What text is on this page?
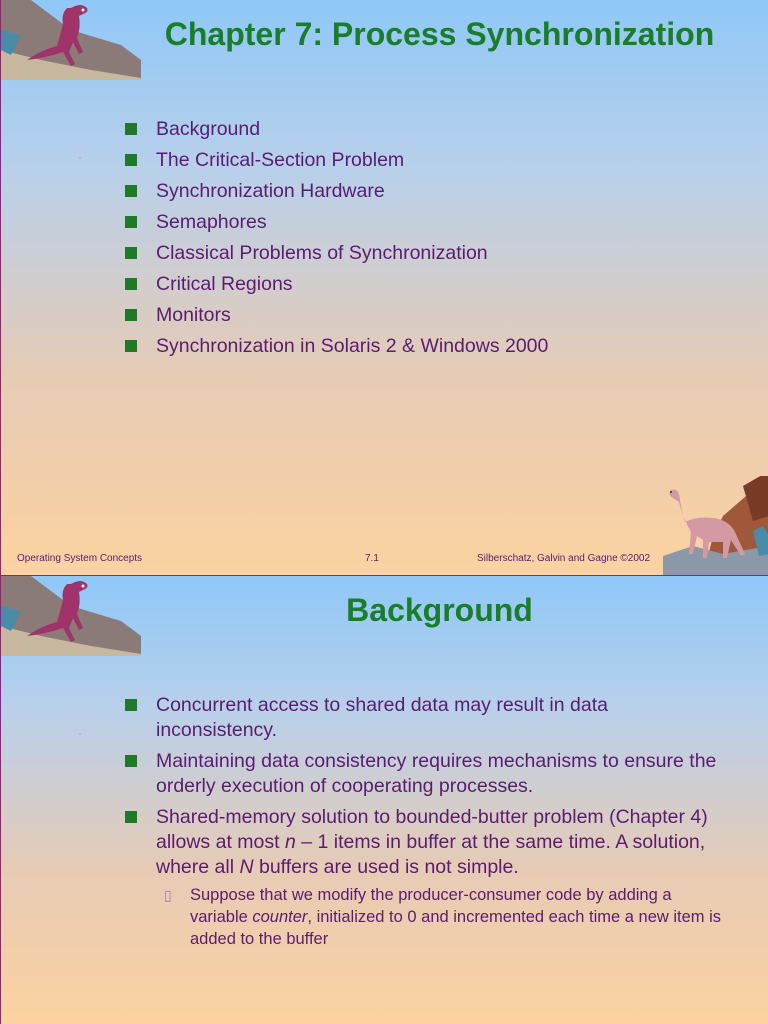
Chapter 7: Process Synchronization
Background
The Critical-Section Problem
Synchronization Hardware
Semaphores
Classical Problems of Synchronization
Critical Regions
Monitors
Synchronization in Solaris 2 & Windows 2000
Operating System Concepts	7.1	Silberschatz, Galvin and Gagne ©2002
Background
Concurrent access to shared data may result in data inconsistency.
Maintaining data consistency requires mechanisms to ensure the orderly execution of cooperating processes.
Shared-memory solution to bounded-butter problem (Chapter 4) allows at most n – 1 items in buffer at the same time. A solution, where all N buffers are used is not simple.
▯ Suppose that we modify the producer-consumer code by adding a variable counter, initialized to 0 and incremented each time a new item is added to the buffer
